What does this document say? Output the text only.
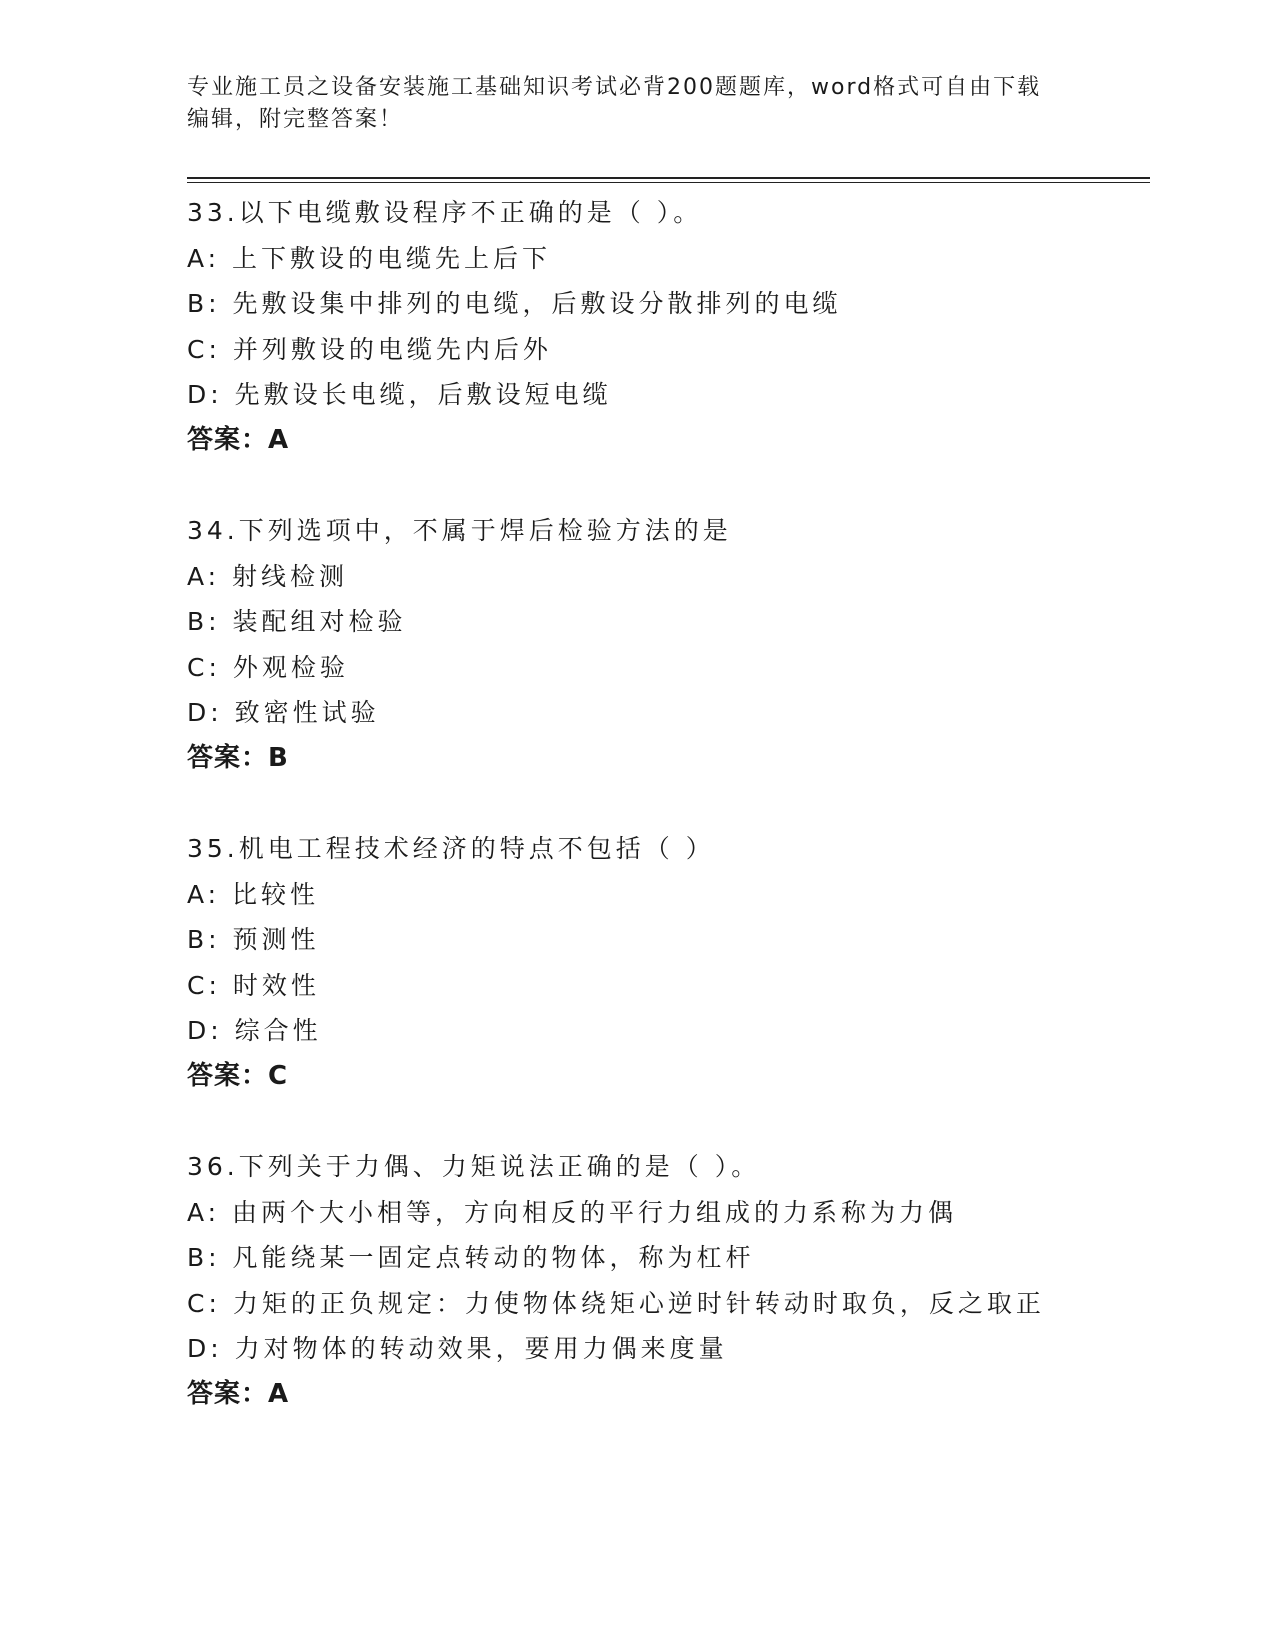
专业施工员之设备安装施工基础知识考试必背200题题库，word格式可自由下载
编辑，附完整答案！
33.以下电缆敷设程序不正确的是（ ）。
A: 上下敷设的电缆先上后下
B: 先敷设集中排列的电缆，后敷设分散排列的电缆
C: 并列敷设的电缆先内后外
D: 先敷设长电缆，后敷设短电缆
答案：A
34.下列选项中，不属于焊后检验方法的是
A: 射线检测
B: 装配组对检验
C: 外观检验
D: 致密性试验
答案：B
35.机电工程技术经济的特点不包括（ ）
A: 比较性
B: 预测性
C: 时效性
D: 综合性
答案：C
36.下列关于力偶、力矩说法正确的是（ ）。
A: 由两个大小相等，方向相反的平行力组成的力系称为力偶
B: 凡能绕某一固定点转动的物体，称为杠杆
C: 力矩的正负规定：力使物体绕矩心逆时针转动时取负，反之取正
D: 力对物体的转动效果，要用力偶来度量
答案：A
